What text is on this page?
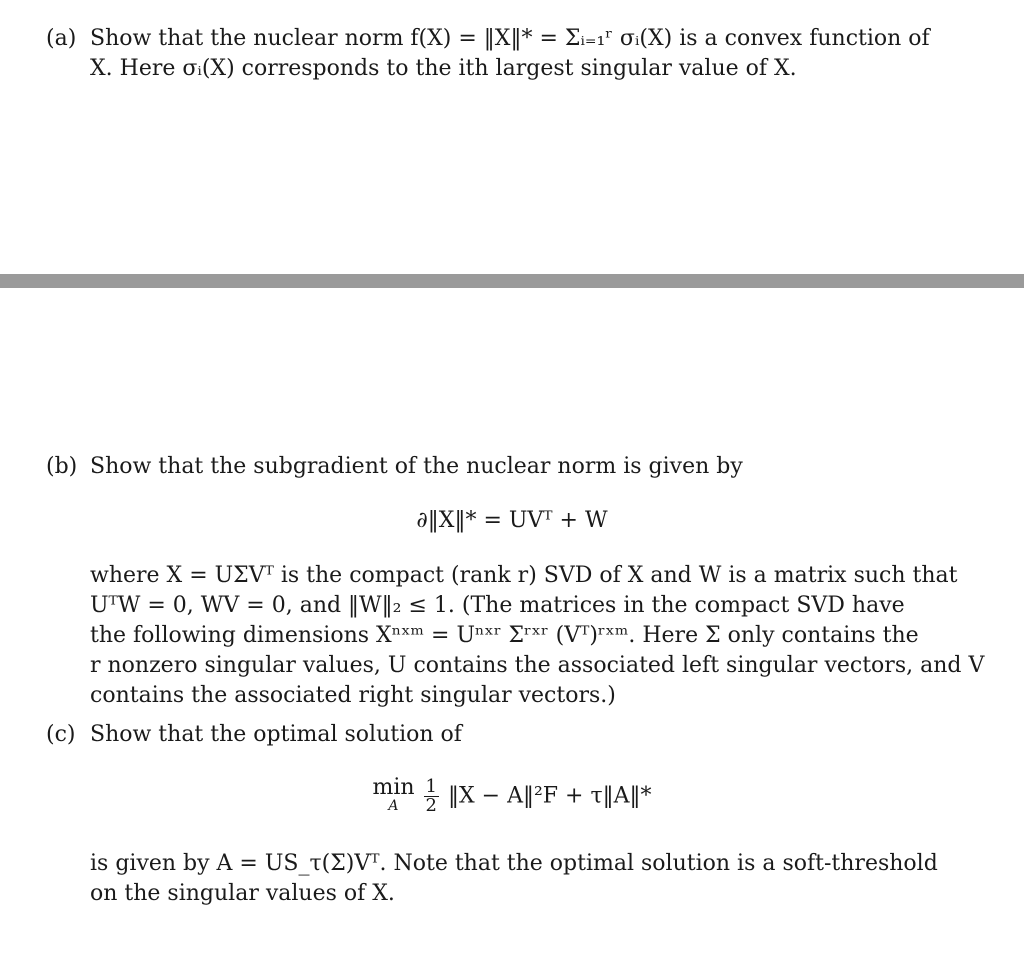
(a) Show that the nuclear norm f(X) = ‖X‖* = Σᵢ₌₁ʳ σᵢ(X) is a convex function of
X. Here σᵢ(X) corresponds to the ith largest singular value of X.
(b) Show that the subgradient of the nuclear norm is given by
∂‖X‖* = UVᵀ + W
where X = UΣVᵀ is the compact (rank r) SVD of X and W is a matrix such that
UᵀW = 0, WV = 0, and ‖W‖₂ ≤ 1. (The matrices in the compact SVD have
the following dimensions Xⁿˣᵐ = Uⁿˣʳ Σʳˣʳ (Vᵀ)ʳˣᵐ. Here Σ only contains the
r nonzero singular values, U contains the associated left singular vectors, and V
contains the associated right singular vectors.)
(c) Show that the optimal solution of
min
A
	$\frac{1}{2}$ ‖X − A‖²F + τ‖A‖*
is given by A = US_τ(Σ)Vᵀ. Note that the optimal solution is a soft-threshold
on the singular values of X.
